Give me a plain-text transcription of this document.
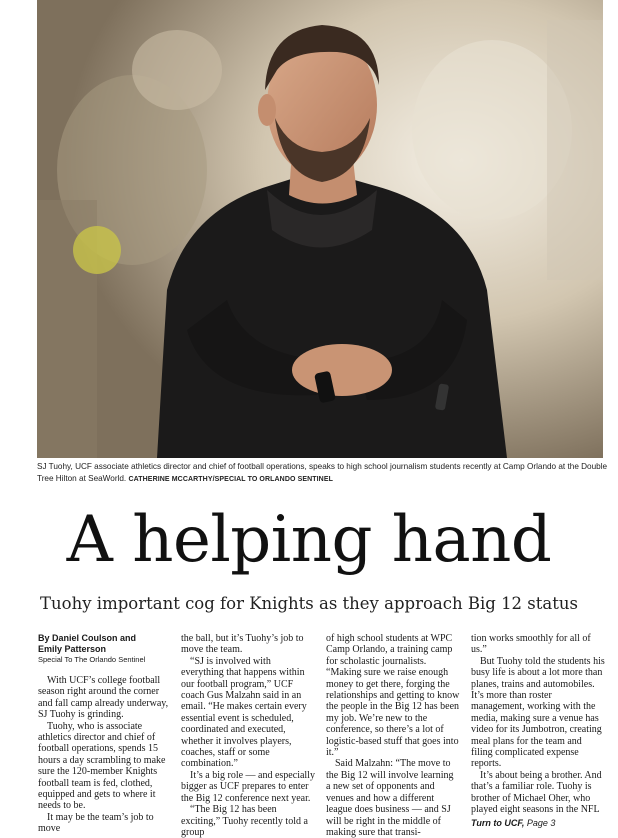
SJ Tuohy, UCF associate athletics director and chief of football operations, speaks to high school journalism students recently at Camp Orlando at the Double Tree Hilton at SeaWorld. CATHERINE MCCARTHY/SPECIAL TO ORLANDO SENTINEL
A helping hand
Tuohy important cog for Knights as they approach Big 12 status
By Daniel Coulson and
Emily Patterson
Special To The Orlando Sentinel

With UCF’s college football season right around the corner and fall camp already underway, SJ Tuohy is grinding.

Tuohy, who is associate athletics director and chief of football operations, spends 15 hours a day scrambling to make sure the 120-member Knights football team is fed, clothed, equipped and gets to where it needs to be.

It may be the team’s job to move

the ball, but it’s Tuohy’s job to move the team.

“SJ is involved with everything that happens within our football program,” UCF coach Gus Malzahn said in an email. “He makes certain every essential event is scheduled, coordinated and executed, whether it involves players, coaches, staff or some combination.”

It’s a big role — and especially bigger as UCF prepares to enter the Big 12 conference next year.

“The Big 12 has been exciting,” Tuohy recently told a group

of high school students at WPC Camp Orlando, a training camp for scholastic journalists. “Making sure we raise enough money to get there, forging the relationships and getting to know the people in the Big 12 has been my job. We’re new to the conference, so there’s a lot of logistic-based stuff that goes into it.”

Said Malzahn: “The move to the Big 12 will involve learning a new set of opponents and venues and how a different league does business — and SJ will be right in the middle of making sure that transi-

tion works smoothly for all of us.”

But Tuohy told the students his busy life is about a lot more than planes, trains and automobiles. It’s more than roster management, working with the media, making sure a venue has video for its Jumbotron, creating meal plans for the team and filing complicated expense reports.

It’s about being a brother. And that’s a familiar role. Tuohy is brother of Michael Oher, who played eight seasons in the NFL

Turn to UCF, Page 3
